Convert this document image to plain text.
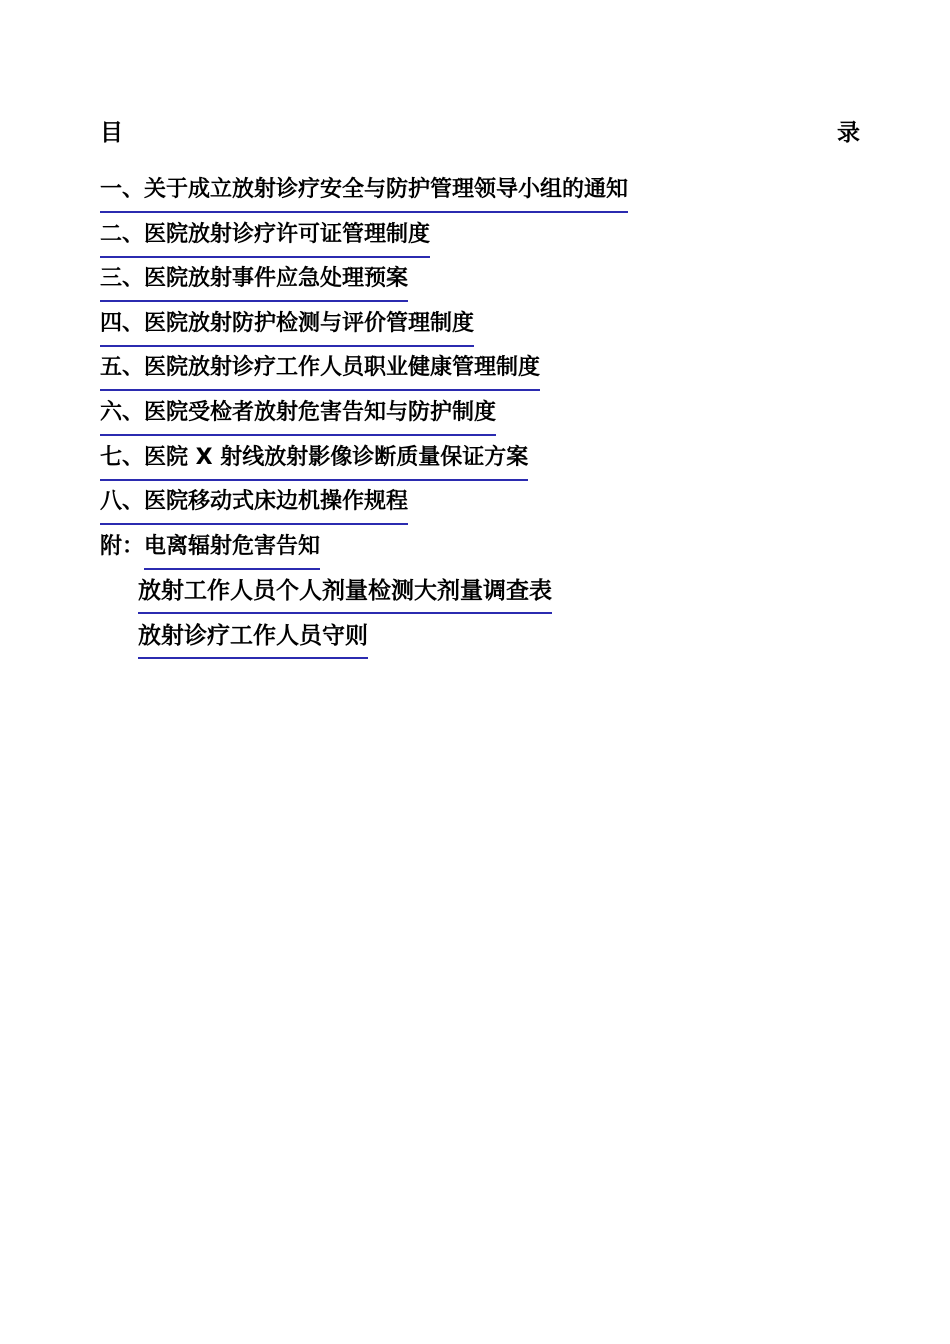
目	录
一、关于成立放射诊疗安全与防护管理领导小组的通知
二、医院放射诊疗许可证管理制度
三、医院放射事件应急处理预案
四、医院放射防护检测与评价管理制度
五、医院放射诊疗工作人员职业健康管理制度
六、医院受检者放射危害告知与防护制度
七、医院 X 射线放射影像诊断质量保证方案
八、医院移动式床边机操作规程
附：电离辐射危害告知
放射工作人员个人剂量检测大剂量调查表
放射诊疗工作人员守则
